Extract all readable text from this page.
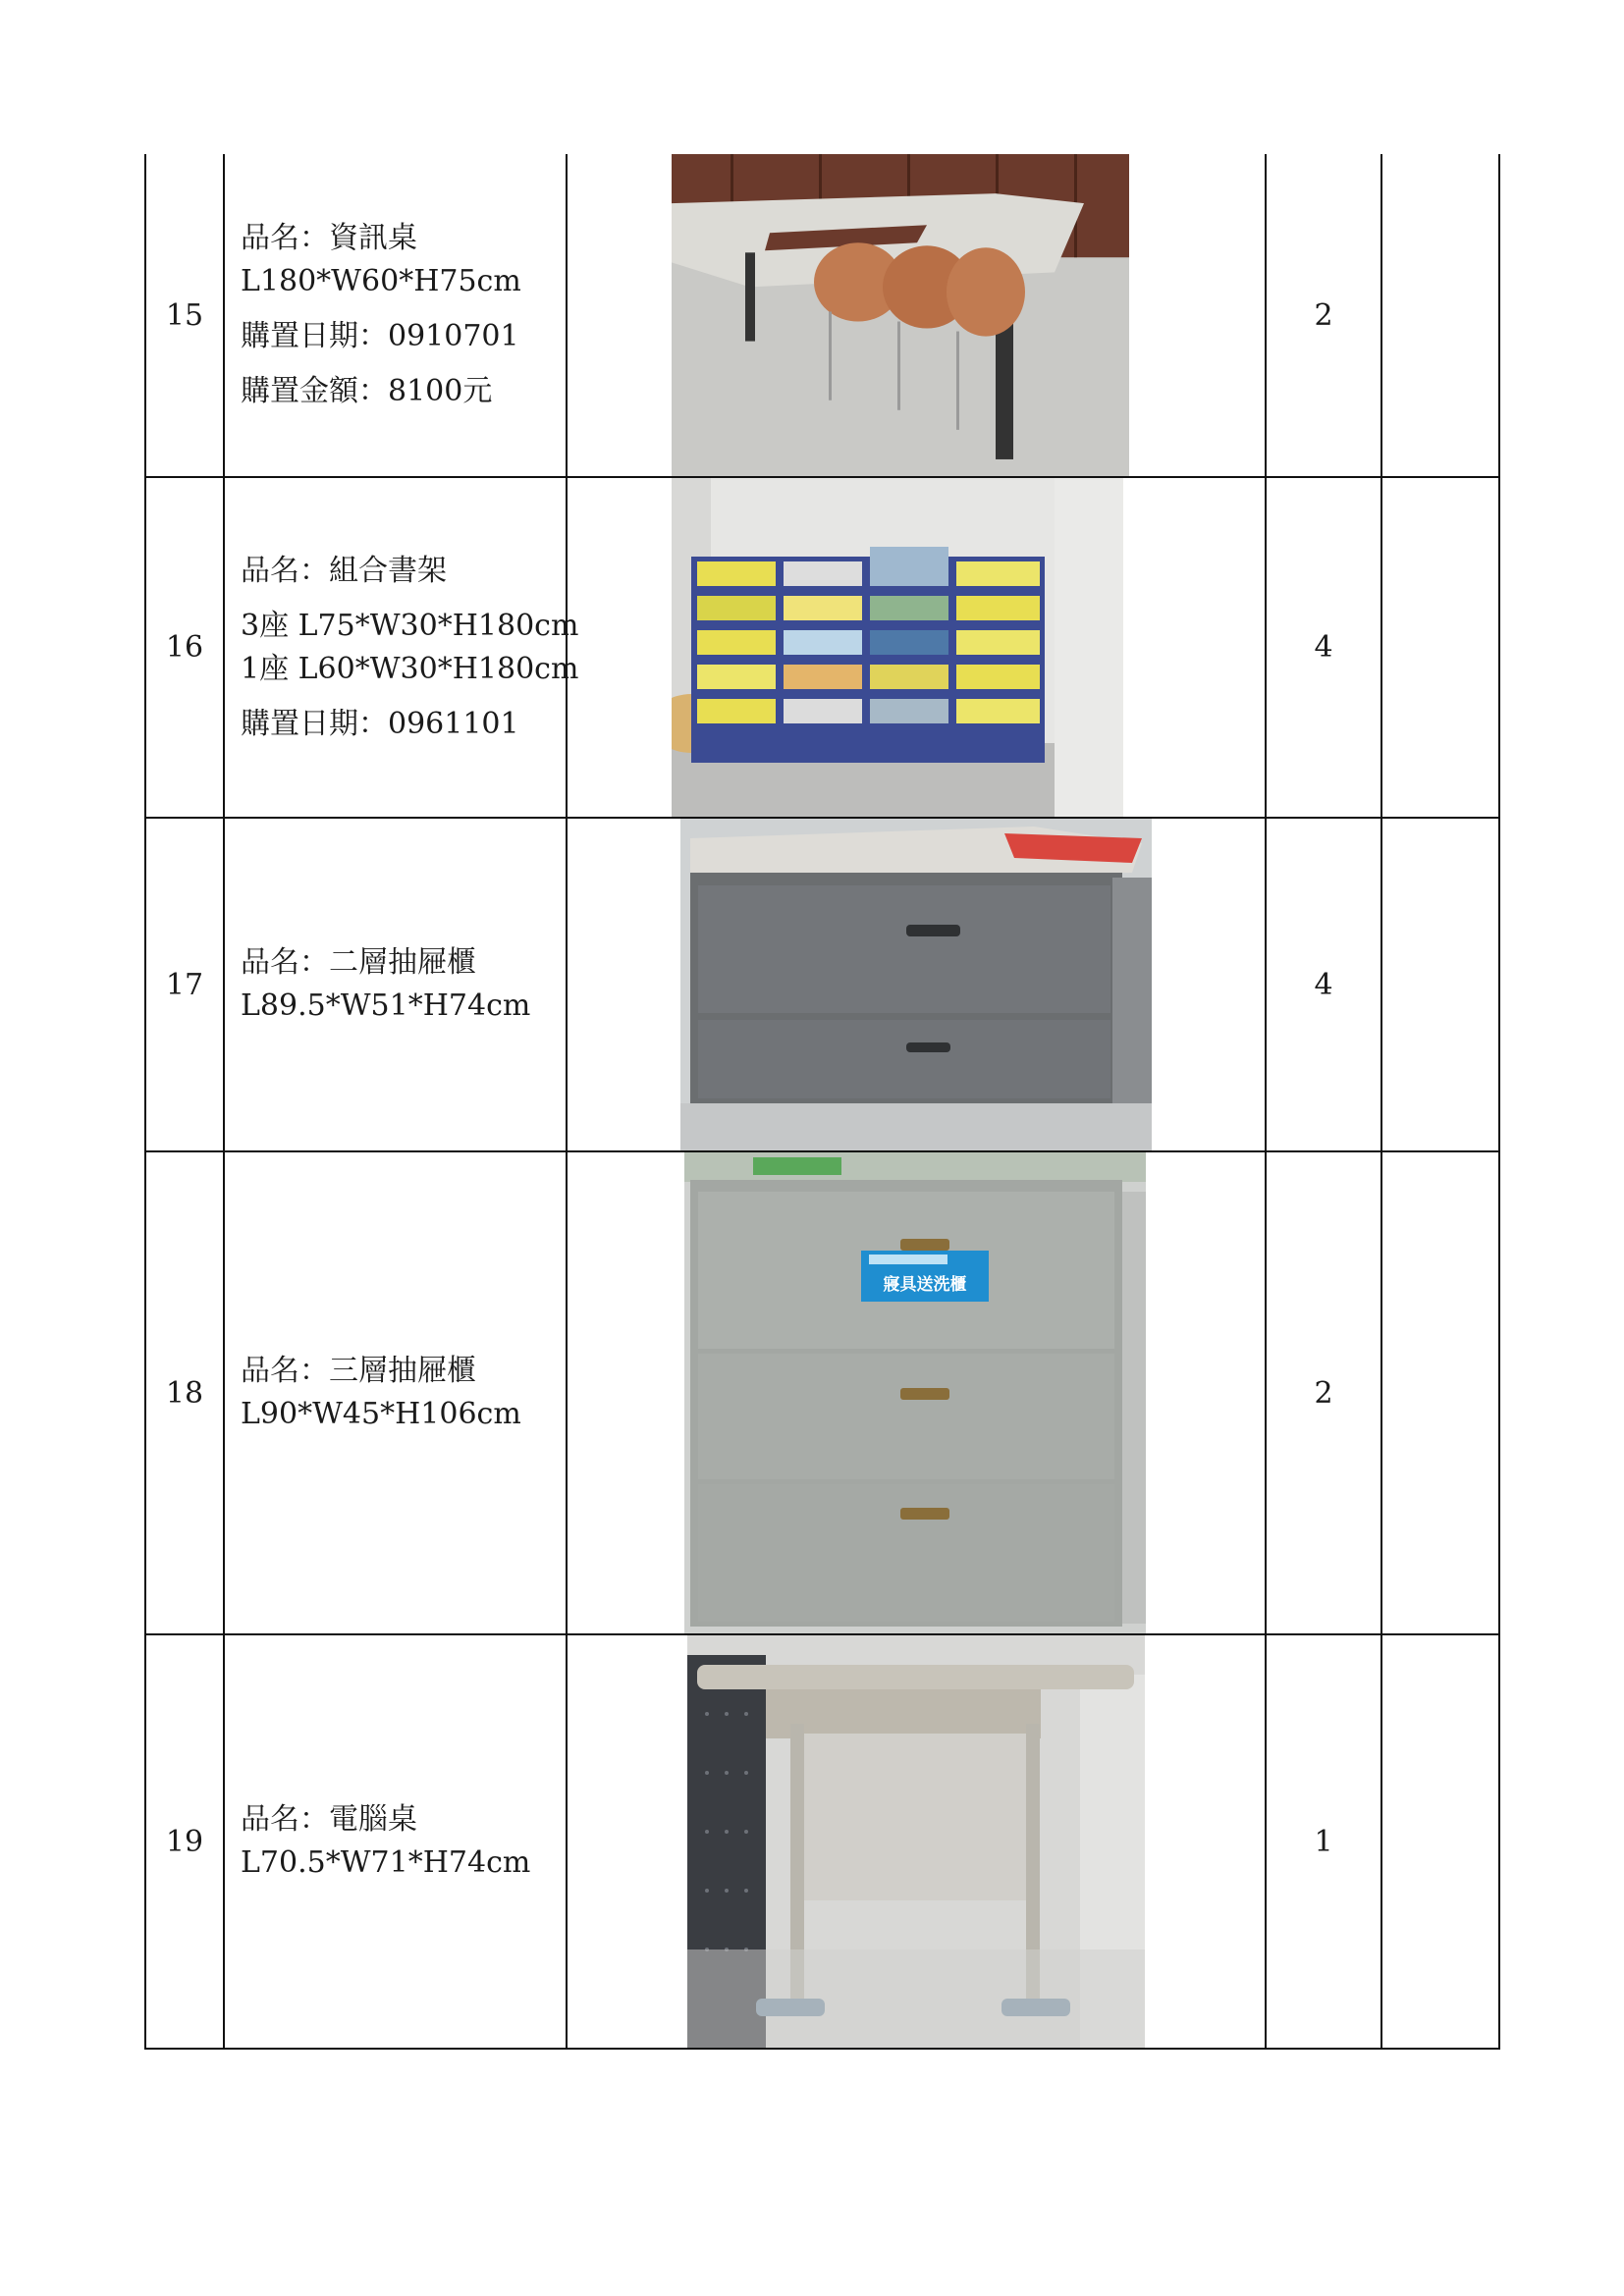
15	品名：資訊桌
L180*W60*H75cm
購置日期：0910701
購置金額：8100元		2	
16	品名：組合書架
3座 L75*W30*H180cm
1座 L60*W30*H180cm
購置日期：0961101		4	
17	品名：二層抽屜櫃
L89.5*W51*H74cm		4	
18	品名：三層抽屜櫃
L90*W45*H106cm	寢具送洗櫃	2	
19	品名：電腦桌
L70.5*W71*H74cm		1	
